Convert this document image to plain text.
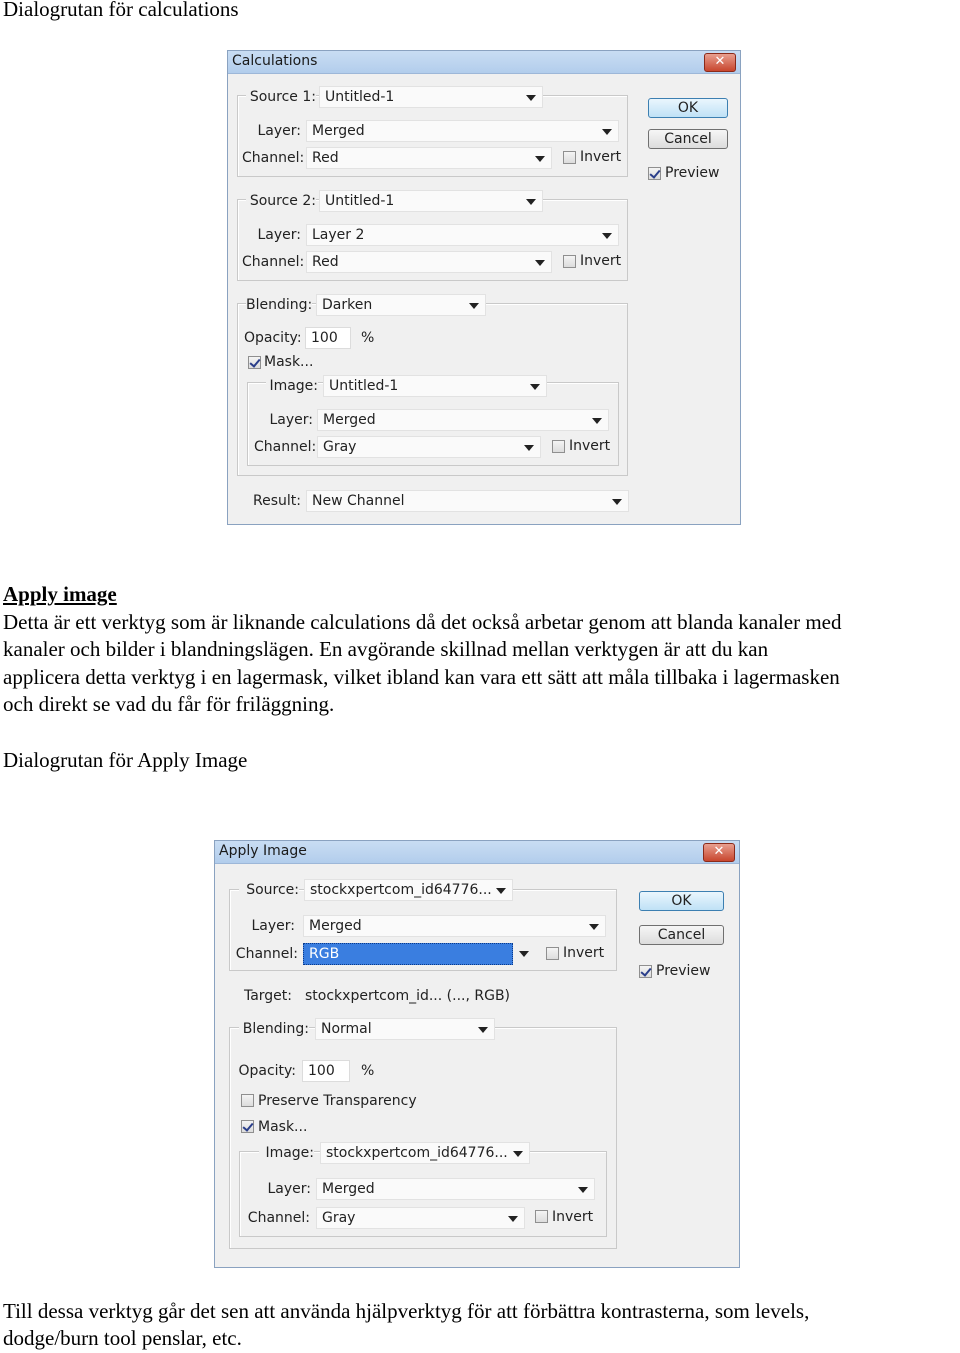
Dialogrutan för calculations
Calculations	✕
Source 1: Untitled-1
Layer: Merged
Channel: Red	Invert
Source 2: Untitled-1
Layer: Layer 2
Channel: Red	Invert
Blending: Darken
Opacity: 100 %
Mask...
Image: Untitled-1
Layer: Merged
Channel: Gray	Invert
Result: New Channel
OK
Cancel
Preview
Apply image
Detta är ett verktyg som är liknande calculations då det också arbetar genom att blanda kanaler med
kanaler och bilder i blandningslägen. En avgörande skillnad mellan verktygen är att du kan
applicera detta verktyg i en lagermask, vilket ibland kan vara ett sätt att måla tillbaka i lagermasken
och direkt se vad du får för friläggning.
Dialogrutan för Apply Image
Apply Image	✕
Source: stockxpertcom_id64776...
Layer: Merged
Channel: RGB	Invert
Target: stockxpertcom_id... (..., RGB)
Blending: Normal
Opacity: 100 %
Preserve Transparency
Mask...
Image: stockxpertcom_id64776...
Layer: Merged
Channel: Gray	Invert
OK
Cancel
Preview
Till dessa verktyg går det sen att använda hjälpverktyg för att förbättra kontrasterna, som levels,
dodge/burn tool penslar, etc.
